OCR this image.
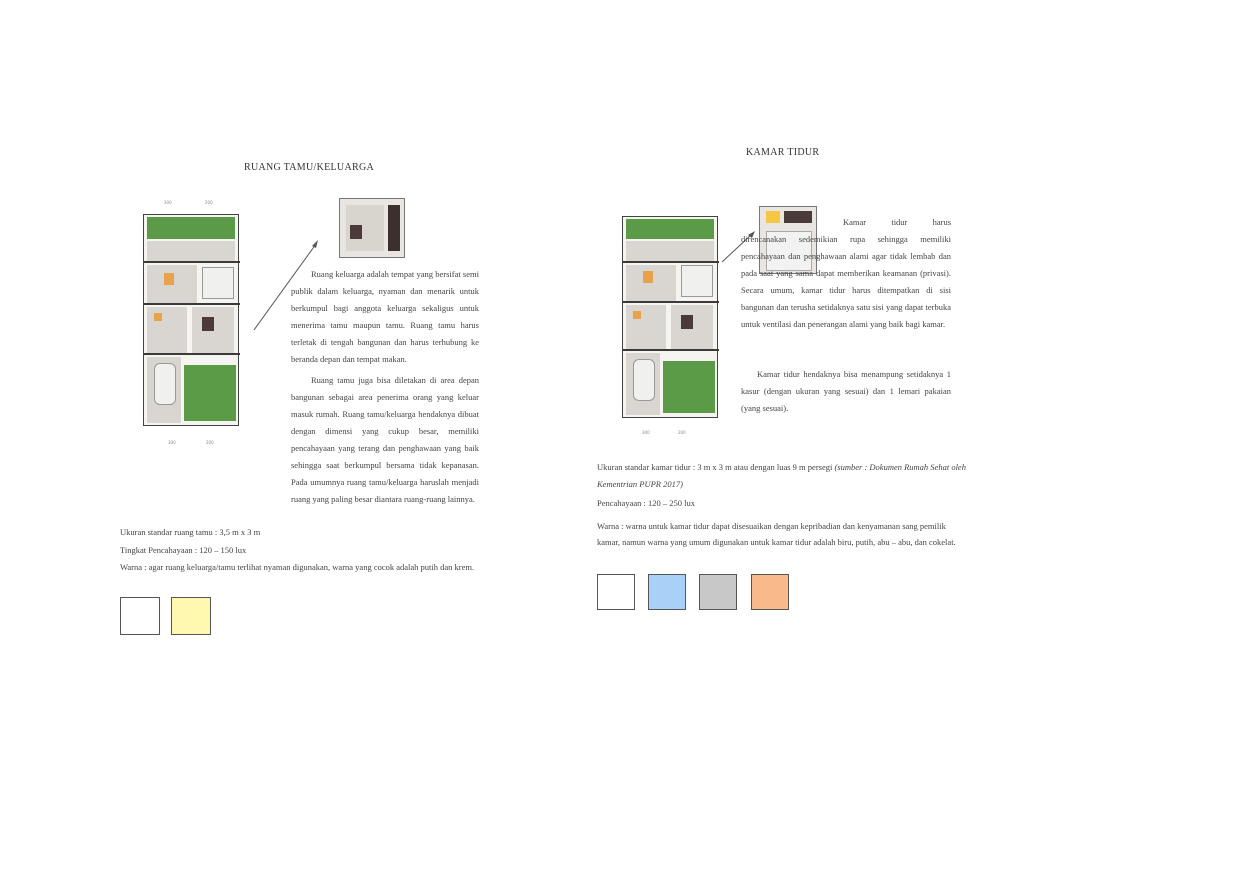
RUANG TAMU/KELUARGA
300	200
300	200
Ruang keluarga adalah tempat yang bersifat semi publik dalam keluarga, nyaman dan menarik untuk berkumpul bagi anggota keluarga sekaligus untuk menerima tamu maupun tamu. Ruang tamu harus terletak di tengah bangunan dan harus terhubung ke beranda depan dan tempat makan.
Ruang tamu juga bisa diletakan di area depan bangunan sebagai area penerima orang yang keluar masuk rumah. Ruang tamu/keluarga hendaknya dibuat dengan dimensi yang cukup besar, memiliki pencahayaan yang terang dan penghawaan yang baik sehingga saat berkumpul bersama tidak kepanasan. Pada umumnya ruang tamu/keluarga haruslah menjadi ruang yang paling besar diantara ruang-ruang lainnya.
Ukuran standar ruang tamu : 3,5 m x 3 m
Tingkat Pencahayaan : 120 – 150 lux
Warna : agar ruang keluarga/tamu terlihat nyaman digunakan, warna yang cocok adalah putih dan krem.
KAMAR TIDUR
300	200
Kamar tidur harus direncanakan sedemikian rupa sehingga memiliki pencahayaan dan penghawaan alami agar tidak lembab dan pada saat yang sama dapat memberikan keamanan (privasi). Secara umum, kamar tidur harus ditempatkan di sisi bangunan dan terusha setidaknya satu sisi yang dapat terbuka untuk ventilasi dan penerangan alami yang baik bagi kamar.
Kamar tidur hendaknya bisa menampung setidaknya 1 kasur (dengan ukuran yang sesuai) dan 1 lemari pakaian (yang sesuai).
Ukuran standar kamar tidur : 3 m x 3 m atau dengan luas 9 m persegi (sumber : Dokumen Rumah Sehat oleh Kementrian PUPR 2017)
Pencahayaan : 120 – 250 lux
Warna : warna untuk kamar tidur dapat disesuaikan dengan kepribadian dan kenyamanan sang pemilik kamar, namun warna yang umum digunakan untuk kamar tidur adalah biru, putih, abu – abu, dan cokelat.
